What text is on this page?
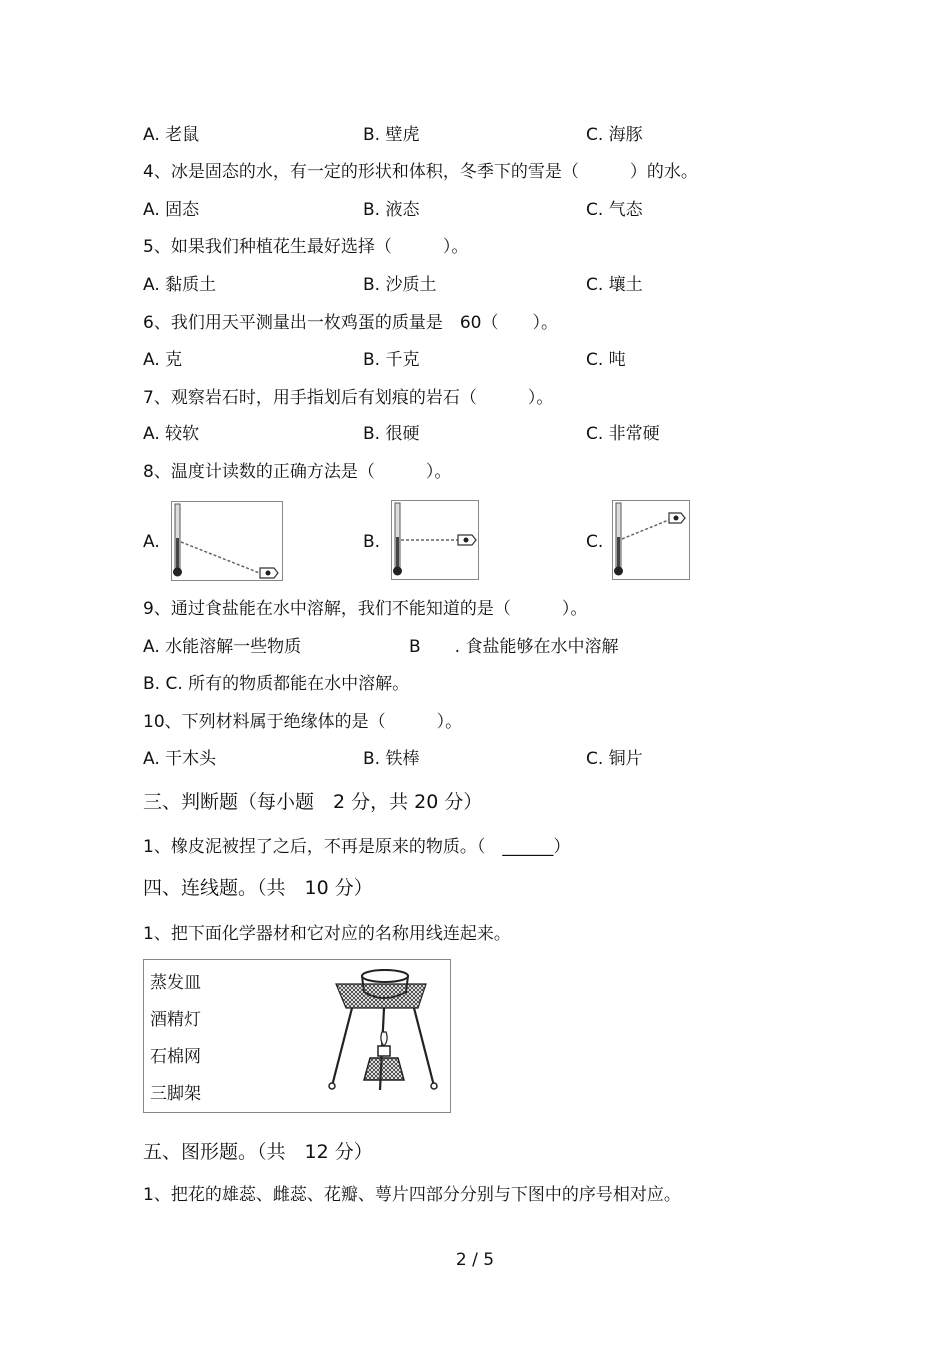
A. 老鼠	B. 壁虎	C. 海豚
4、冰是固态的水，有一定的形状和体积，冬季下的雪是（　　　）的水。
A. 固态	B. 液态	C. 气态
5、如果我们种植花生最好选择（　　　）。
A. 黏质土	B. 沙质土	C. 壤土
6、我们用天平测量出一枚鸡蛋的质量是　60（　　）。
A. 克	B. 千克	C. 吨
7、观察岩石时，用手指划后有划痕的岩石（　　　）。
A. 较软	B. 很硬	C. 非常硬
8、温度计读数的正确方法是（　　　）。
A.	B.	C.
9、通过食盐能在水中溶解，我们不能知道的是（　　　）。
A. 水能溶解一些物质	B　　. 食盐能够在水中溶解
B. C. 所有的物质都能在水中溶解。
10、下列材料属于绝缘体的是（　　　）。
A. 干木头	B. 铁棒	C. 铜片
三、判断题（每小题　2 分，共 20 分）
1、橡皮泥被捏了之后，不再是原来的物质。（　______）
四、连线题。（共　10 分）
1、把下面化学器材和它对应的名称用线连起来。
蒸发皿
酒精灯
石棉网
三脚架
五、图形题。（共　12 分）
1、把花的雄蕊、雌蕊、花瓣、萼片四部分分别与下图中的序号相对应。
2 / 5
